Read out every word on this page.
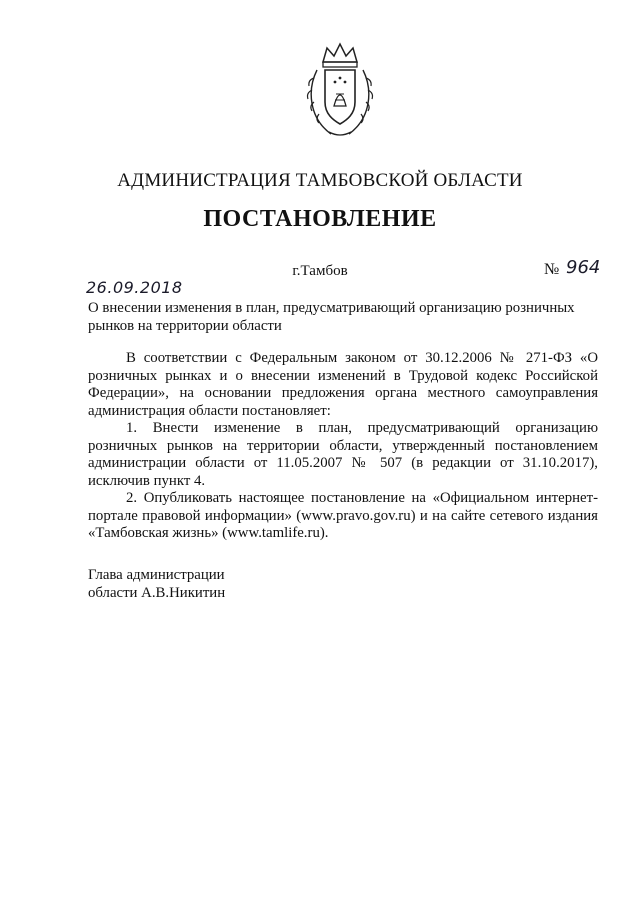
АДМИНИСТРАЦИЯ ТАМБОВСКОЙ ОБЛАСТИ
ПОСТАНОВЛЕНИЕ
26.09.2018
г.Тамбов	№ 964
О внесении изменения в план, предусматривающий организацию розничных рынков на территории области

В соответствии с Федеральным законом от 30.12.2006 № 271-ФЗ «О розничных рынках и о внесении изменений в Трудовой кодекс Российской Федерации», на основании предложения органа местного самоуправления администрация области постановляет:

1. Внести изменение в план, предусматривающий организацию розничных рынков на территории области, утвержденный постановлением администрации области от 11.05.2007 № 507 (в редакции от 31.10.2017), исключив пункт 4.

2. Опубликовать настоящее постановление на «Официальном интернет-портале правовой информации» (www.pravo.gov.ru) и на сайте сетевого издания «Тамбовская жизнь» (www.tamlife.ru).

Глава администрации
области А.В.Никитин
